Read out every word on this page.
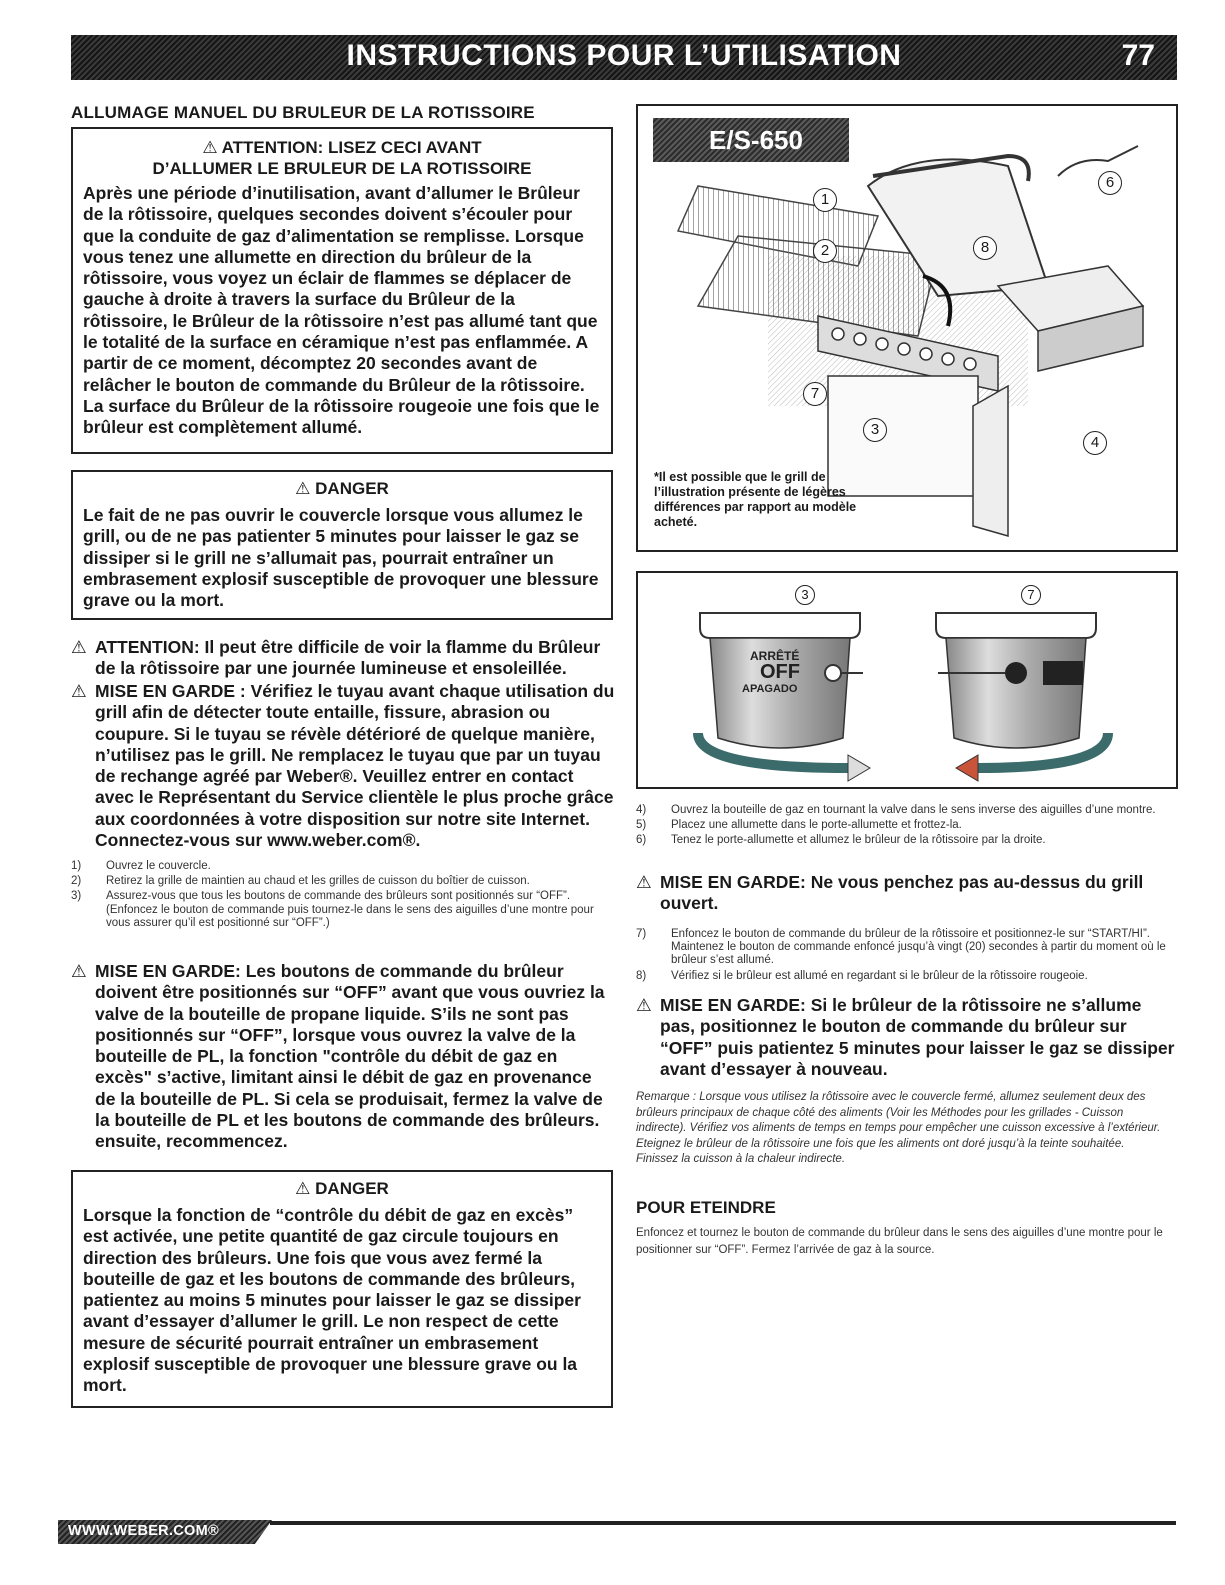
INSTRUCTIONS POUR L’UTILISATION	77
ALLUMAGE MANUEL DU BRULEUR DE LA ROTISSOIRE
⚠ ATTENTION: LISEZ CECI AVANT
D’ALLUMER LE BRULEUR DE LA ROTISSOIRE
Après une période d’inutilisation, avant d’allumer le Brûleur de la rôtissoire, quelques secondes doivent s’écouler pour que la conduite de gaz d’alimentation se remplisse. Lorsque vous tenez une allumette en direction du brûleur de la rôtissoire, vous voyez un éclair de flammes se déplacer de gauche à droite à travers la surface du Brûleur de la rôtissoire, le Brûleur de la rôtissoire n’est pas allumé tant que le totalité de la surface en céramique n’est pas enflammée. A partir de ce moment, décomptez 20 secondes avant de relâcher le bouton de commande du Brûleur de la rôtissoire. La surface du Brûleur de la rôtissoire rougeoie une fois que le brûleur est complètement allumé.
⚠ DANGER
Le fait de ne pas ouvrir le couvercle lorsque vous allumez le grill, ou de ne pas patienter 5 minutes pour laisser le gaz se dissiper si le grill ne s’allumait pas, pourrait entraîner un embrasement explosif susceptible de provoquer une blessure grave ou la mort.
⚠ ATTENTION: Il peut être difficile de voir la flamme du Brûleur de la rôtissoire par une journée lumineuse et ensoleillée.
⚠ MISE EN GARDE : Vérifiez le tuyau avant chaque utilisation du grill afin de détecter toute entaille, fissure, abrasion ou coupure. Si le tuyau se révèle détérioré de quelque manière, n’utilisez pas le grill. Ne remplacez le tuyau que par un tuyau de rechange agréé par Weber®. Veuillez entrer en contact avec le Représentant du Service clientèle le plus proche grâce aux coordonnées à votre disposition sur notre site Internet. Connectez-vous sur www.weber.com®.
1) Ouvrez le couvercle.
2) Retirez la grille de maintien au chaud et les grilles de cuisson du boîtier de cuisson.
3) Assurez-vous que tous les boutons de commande des brûleurs sont positionnés sur “OFF”. (Enfoncez le bouton de commande puis tournez-le dans le sens des aiguilles d’une montre pour vous assurer qu’il est positionné sur “OFF”.)
⚠ MISE EN GARDE: Les boutons de commande du brûleur doivent être positionnés sur “OFF” avant que vous ouvriez la valve de la bouteille de propane liquide. S’ils ne sont pas positionnés sur “OFF”, lorsque vous ouvrez la valve de la bouteille de PL, la fonction "contrôle du débit de gaz en excès" s’active, limitant ainsi le débit de gaz en provenance de la bouteille de PL. Si cela se produisait, fermez la valve de la bouteille de PL et les boutons de commande des brûleurs. ensuite, recommencez.
⚠ DANGER
Lorsque la fonction de “contrôle du débit de gaz en excès” est activée, une petite quantité de gaz circule toujours en direction des brûleurs. Une fois que vous avez fermé la bouteille de gaz et les boutons de commande des brûleurs, patientez au moins 5 minutes pour laisser le gaz se dissiper avant d’essayer d’allumer le grill. Le non respect de cette mesure de sécurité pourrait entraîner un embrasement explosif susceptible de provoquer une blessure grave ou la mort.
E/S-650
1
2
3
4
6
7
8
*Il est possible que le grill de l’illustration présente de légères différences par rapport au modèle acheté.
3	7
ARRÊTÉ
OFF
APAGADO
4) Ouvrez la bouteille de gaz en tournant la valve dans le sens inverse des aiguilles d’une montre.
5) Placez une allumette dans le porte-allumette et frottez-la.
6) Tenez le porte-allumette et allumez le brûleur de la rôtissoire par la droite.
⚠ MISE EN GARDE: Ne vous penchez pas au-dessus du grill ouvert.
7) Enfoncez le bouton de commande du brûleur de la rôtissoire et positionnez-le sur “START/HI”. Maintenez le bouton de commande enfoncé jusqu’à vingt (20) secondes à partir du moment où le brûleur s’est allumé.
8) Vérifiez si le brûleur est allumé en regardant si le brûleur de la rôtissoire rougeoie.
⚠ MISE EN GARDE: Si le brûleur de la rôtissoire ne s’allume pas, positionnez le bouton de commande du brûleur sur “OFF” puis patientez 5 minutes pour laisser le gaz se dissiper avant d’essayer à nouveau.
Remarque : Lorsque vous utilisez la rôtissoire avec le couvercle fermé, allumez seulement deux des brûleurs principaux de chaque côté des aliments (Voir les Méthodes pour les grillades - Cuisson indirecte). Vérifiez vos aliments de temps en temps pour empêcher une cuisson excessive à l’extérieur. Eteignez le brûleur de la rôtissoire une fois que les aliments ont doré jusqu’à la teinte souhaitée. Finissez la cuisson à la chaleur indirecte.
POUR ETEINDRE
Enfoncez et tournez le bouton de commande du brûleur dans le sens des aiguilles d’une montre pour le positionner sur “OFF”. Fermez l’arrivée de gaz à la source.
WWW.WEBER.COM®
